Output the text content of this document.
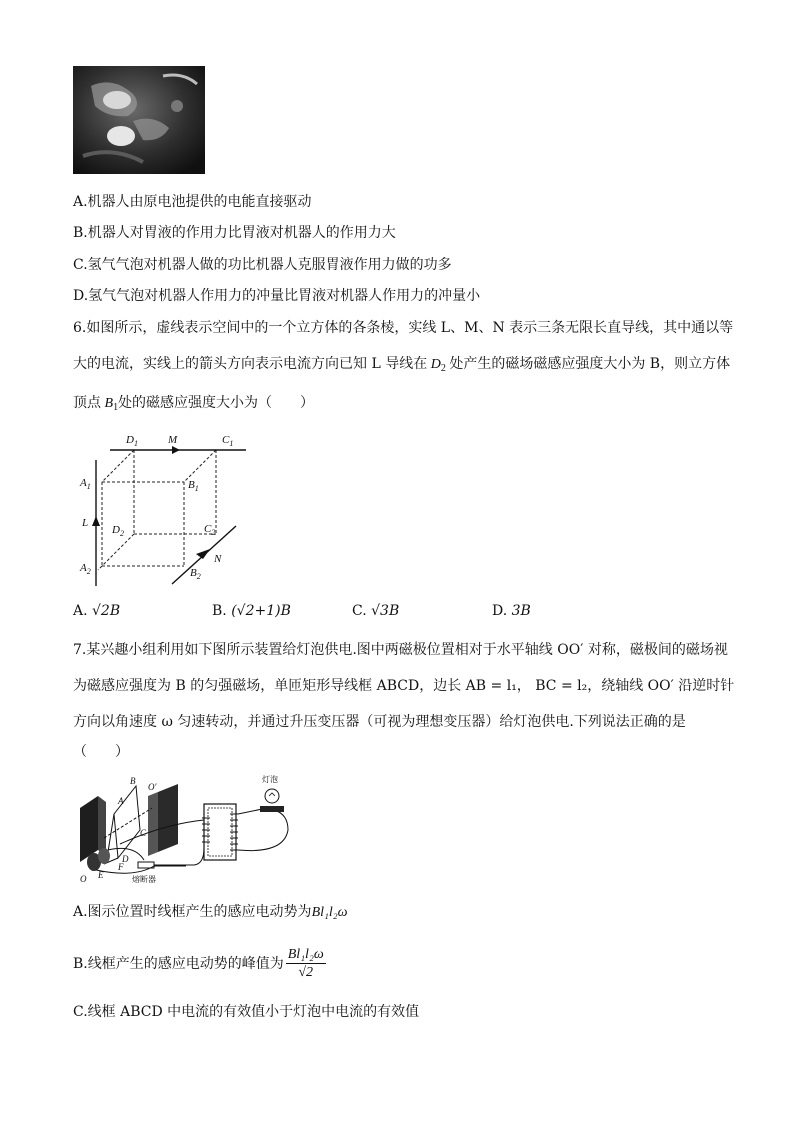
A.机器人由原电池提供的电能直接驱动
B.机器人对胃液的作用力比胃液对机器人的作用力大
C.氢气气泡对机器人做的功比机器人克服胃液作用力做的功多
D.氢气气泡对机器人作用力的冲量比胃液对机器人作用力的冲量小
6.如图所示，虚线表示空间中的一个立方体的各条棱，实线 L、M、N 表示三条无限长直导线，其中通以等
大的电流，实线上的箭头方向表示电流方向已知 L 导线在 $D_2$ 处产生的磁场磁感应强度大小为 B，则立方体
顶点 $B_1$处的磁感应强度大小为（　　）
$D_1$	M	$C_1$
$A_1$	$B_1$
L
$D_2$	$C_2$
$A_2$	$B_2$
N
A. √2B	B. (√2+1)B	C. √3B	D. 3B
7.某兴趣小组利用如下图所示装置给灯泡供电.图中两磁极位置相对于水平轴线 OO′ 对称，磁极间的磁场视
为磁感应强度为 B 的匀强磁场，单匝矩形导线框 ABCD，边长 AB = l₁， BC = l₂，绕轴线 OO′ 沿逆时针
方向以角速度 ω 匀速转动，并通过升压变压器（可视为理想变压器）给灯泡供电.下列说法正确的是
（　　）
B
A
O′
C
D
F
O E	熔断器
灯泡
A.图示位置时线框产生的感应电动势为Bl₁l₂ω
B.线框产生的感应电动势的峰值为 $\frac{\text{Bl₁l₂ω}}{√2}$
C.线框 ABCD 中电流的有效值小于灯泡中电流的有效值
